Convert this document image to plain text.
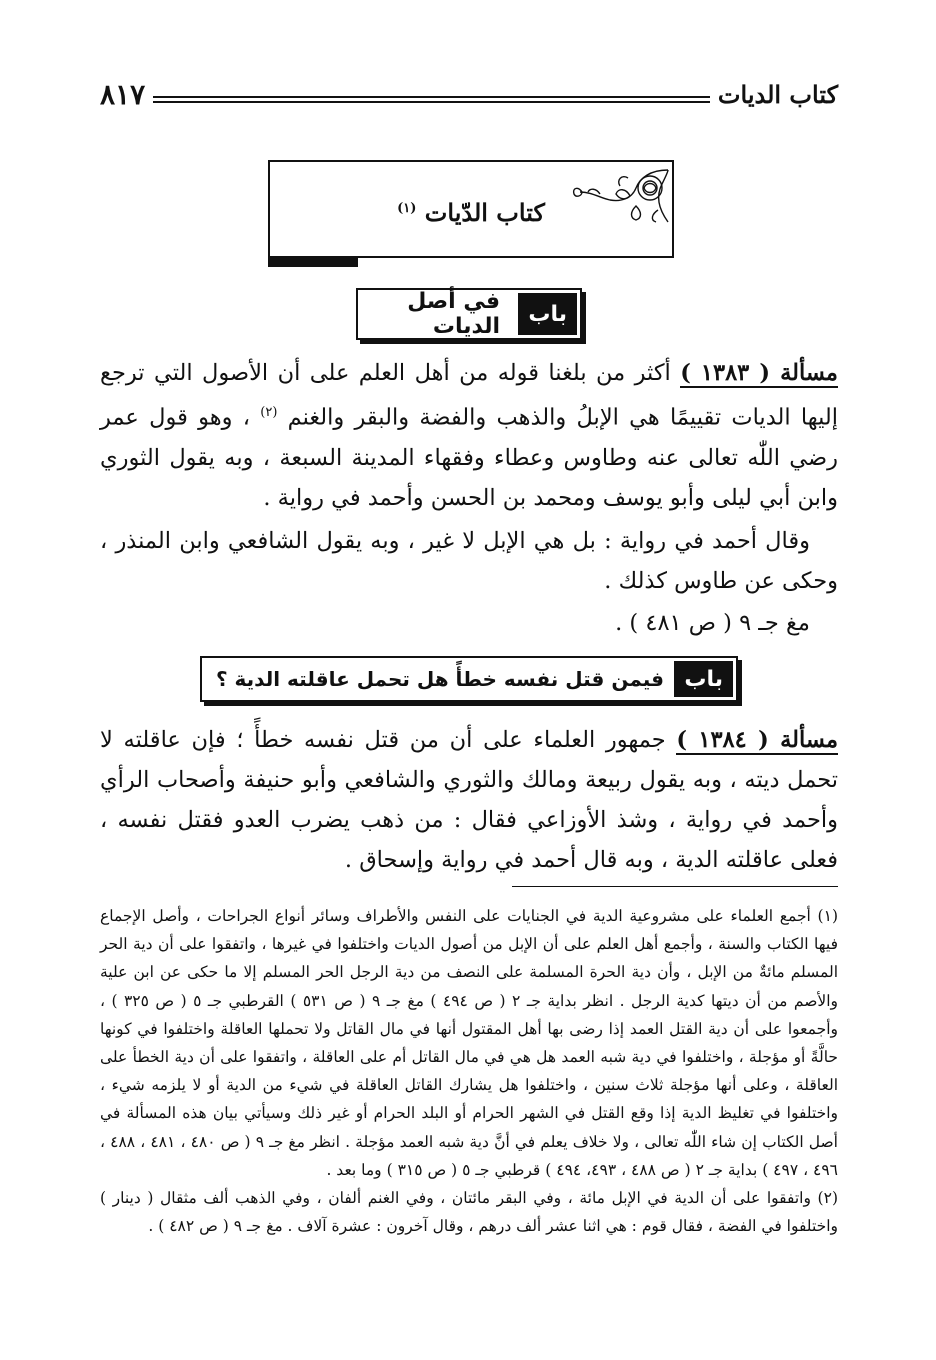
كتاب الديات
٨١٧
كتاب الدّيات $^{(١)}$
باب
في أصل الديات
مسألة ( ١٣٨٣ ) أكثر من بلغنا قوله من أهل العلم على أن الأصول التي ترجع إليها الديات تقييمًا هي الإبلُ والذهب والفضة والبقر والغنم $^{(٢)}$ ، وهو قول عمر رضي اللّٰه تعالى عنه وطاوس وعطاء وفقهاء المدينة السبعة ، وبه يقول الثوري وابن أبي ليلى وأبو يوسف ومحمد بن الحسن وأحمد في رواية .
وقال أحمد في رواية : بل هي الإبل لا غير ، وبه يقول الشافعي وابن المنذر ، وحكى عن طاوس كذلك .
مغ جـ ٩ ( ص ٤٨١ ) .
باب
فيمن قتل نفسه خطأً هل تحمل عاقلته الدية ؟
مسألة ( ١٣٨٤ ) جمهور العلماء على أن من قتل نفسه خطأً ؛ فإن عاقلته لا تحمل ديته ، وبه يقول ربيعة ومالك والثوري والشافعي وأبو حنيفة وأصحاب الرأي وأحمد في رواية ، وشذ الأوزاعي فقال : من ذهب يضرب العدو فقتل نفسه ، فعلى عاقلته الدية ، وبه قال أحمد في رواية وإسحاق .

(١) أجمع العلماء على مشروعية الدية في الجنايات على النفس والأطراف وسائر أنواع الجراحات ، وأصل الإجماع فيها الكتاب والسنة ، وأجمع أهل العلم على أن الإبل من أصول الديات واختلفوا في غيرها ، واتفقوا على أن دية الحر المسلم مائةٌ من الإبل ، وأن دية الحرة المسلمة على النصف من دية الرجل الحر المسلم إلا ما حكى عن ابن علية والأصم من أن ديتها كدية الرجل . انظر بداية جـ ٢ ( ص ٤٩٤ ) مغ جـ ٩ ( ص ٥٣١ ) القرطبي جـ ٥ ( ص ٣٢٥ ) ، وأجمعوا على أن دية القتل العمد إذا رضى بها أهل المقتول أنها في مال القاتل ولا تحملها العاقلة واختلفوا في كونها حالَّةً أو مؤجلة ، واختلفوا في دية شبه العمد هل هي في مال القاتل أم على العاقلة ، واتفقوا على أن دية الخطأ على العاقلة ، وعلى أنها مؤجلة ثلاث سنين ، واختلفوا هل يشارك القاتل العاقلة في شيء من الدية أو لا يلزمه شيء ، واختلفوا في تغليظ الدية إذا وقع القتل في الشهر الحرام أو البلد الحرام أو غير ذلك وسيأتي بيان هذه المسألة في أصل الكتاب إن شاء اللّٰه تعالى ، ولا خلاف يعلم في أنَّ دية شبه العمد مؤجلة . انظر مغ جـ ٩ ( ص ٤٨٠ ، ٤٨١ ، ٤٨٨ ، ٤٩٦ ، ٤٩٧ ) بداية جـ ٢ ( ص ٤٨٨ ، ٤٩٣، ٤٩٤ ) قرطبي جـ ٥ ( ص ٣١٥ ) وما بعد .

(٢) واتفقوا على أن الدية في الإبل مائة ، وفي البقر مائتان ، وفي الغنم ألفان ، وفي الذهب ألف مثقال ( دينار ) واختلفوا في الفضة ، فقال قوم : هي اثنا عشر ألف درهم ، وقال آخرون : عشرة آلاف . مغ جـ ٩ ( ص ٤٨٢ ) .
